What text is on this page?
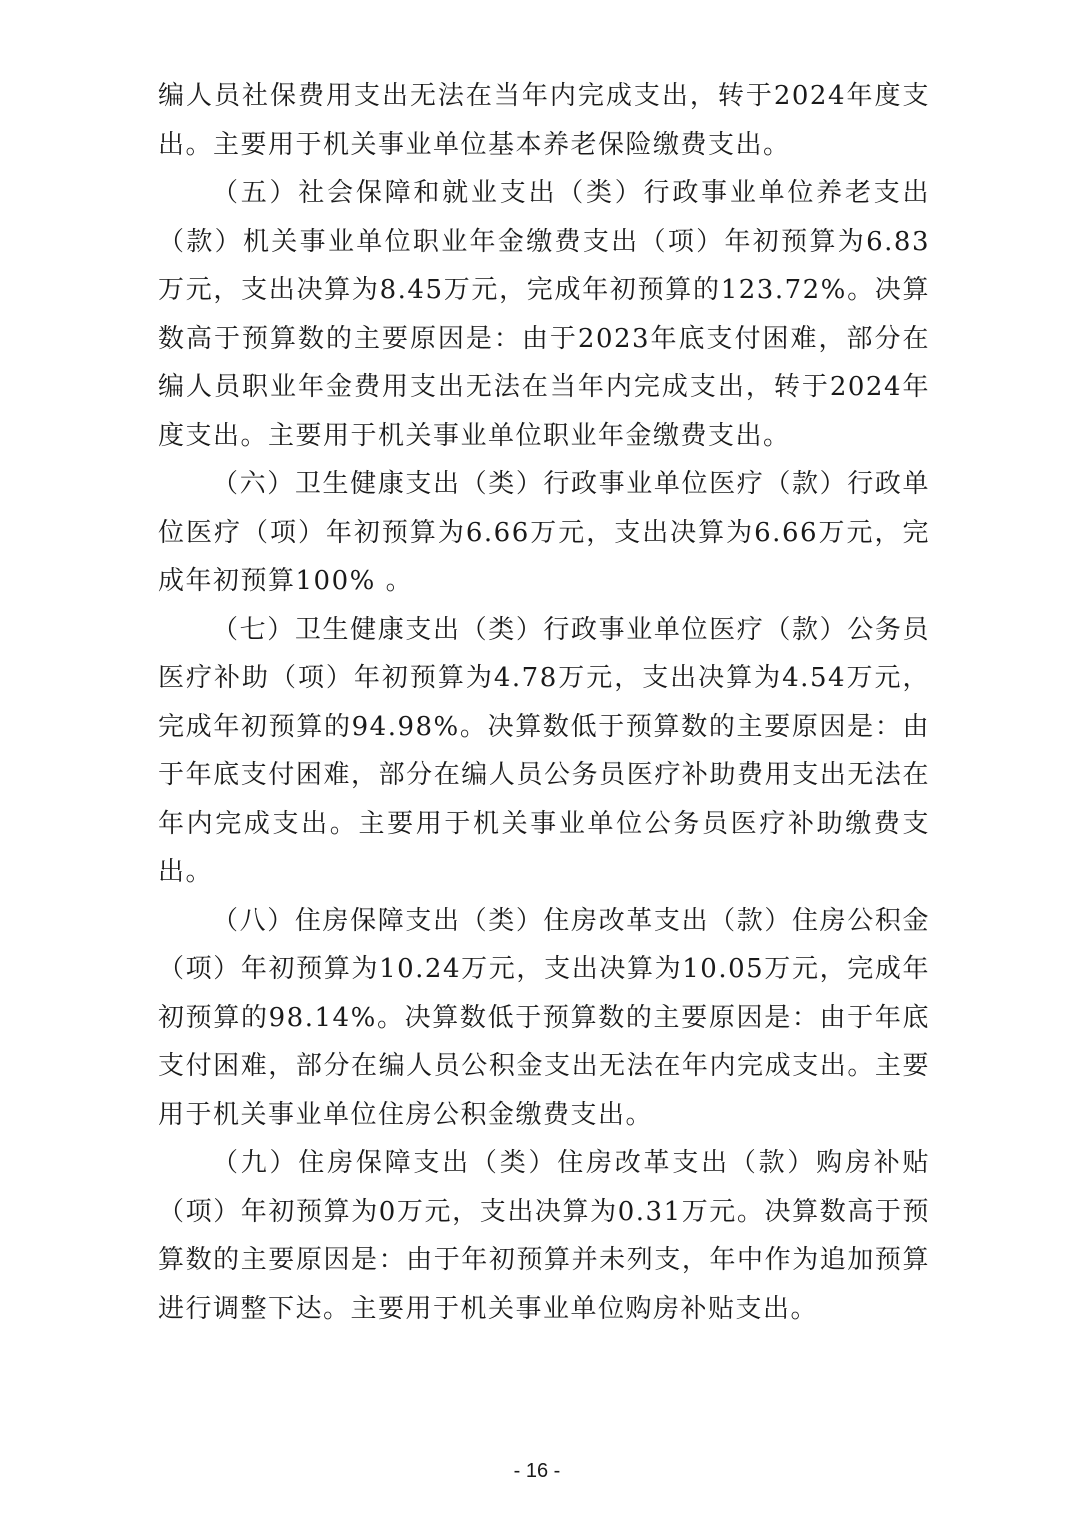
编人员社保费用支出无法在当年内完成支出，转于2024年度支出。主要用于机关事业单位基本养老保险缴费支出。

（五）社会保障和就业支出（类）行政事业单位养老支出（款）机关事业单位职业年金缴费支出（项）年初预算为6.83万元，支出决算为8.45万元，完成年初预算的123.72%。决算数高于预算数的主要原因是：由于2023年底支付困难，部分在编人员职业年金费用支出无法在当年内完成支出，转于2024年度支出。主要用于机关事业单位职业年金缴费支出。

（六）卫生健康支出（类）行政事业单位医疗（款）行政单位医疗（项）年初预算为6.66万元，支出决算为6.66万元，完成年初预算100% 。

（七）卫生健康支出（类）行政事业单位医疗（款）公务员医疗补助（项）年初预算为4.78万元，支出决算为4.54万元，完成年初预算的94.98%。决算数低于预算数的主要原因是：由于年底支付困难，部分在编人员公务员医疗补助费用支出无法在年内完成支出。主要用于机关事业单位公务员医疗补助缴费支出。

（八）住房保障支出（类）住房改革支出（款）住房公积金（项）年初预算为10.24万元，支出决算为10.05万元，完成年初预算的98.14%。决算数低于预算数的主要原因是：由于年底支付困难，部分在编人员公积金支出无法在年内完成支出。主要用于机关事业单位住房公积金缴费支出。

（九）住房保障支出（类）住房改革支出（款）购房补贴（项）年初预算为0万元，支出决算为0.31万元。决算数高于预算数的主要原因是：由于年初预算并未列支，年中作为追加预算进行调整下达。主要用于机关事业单位购房补贴支出。

- 16 -
